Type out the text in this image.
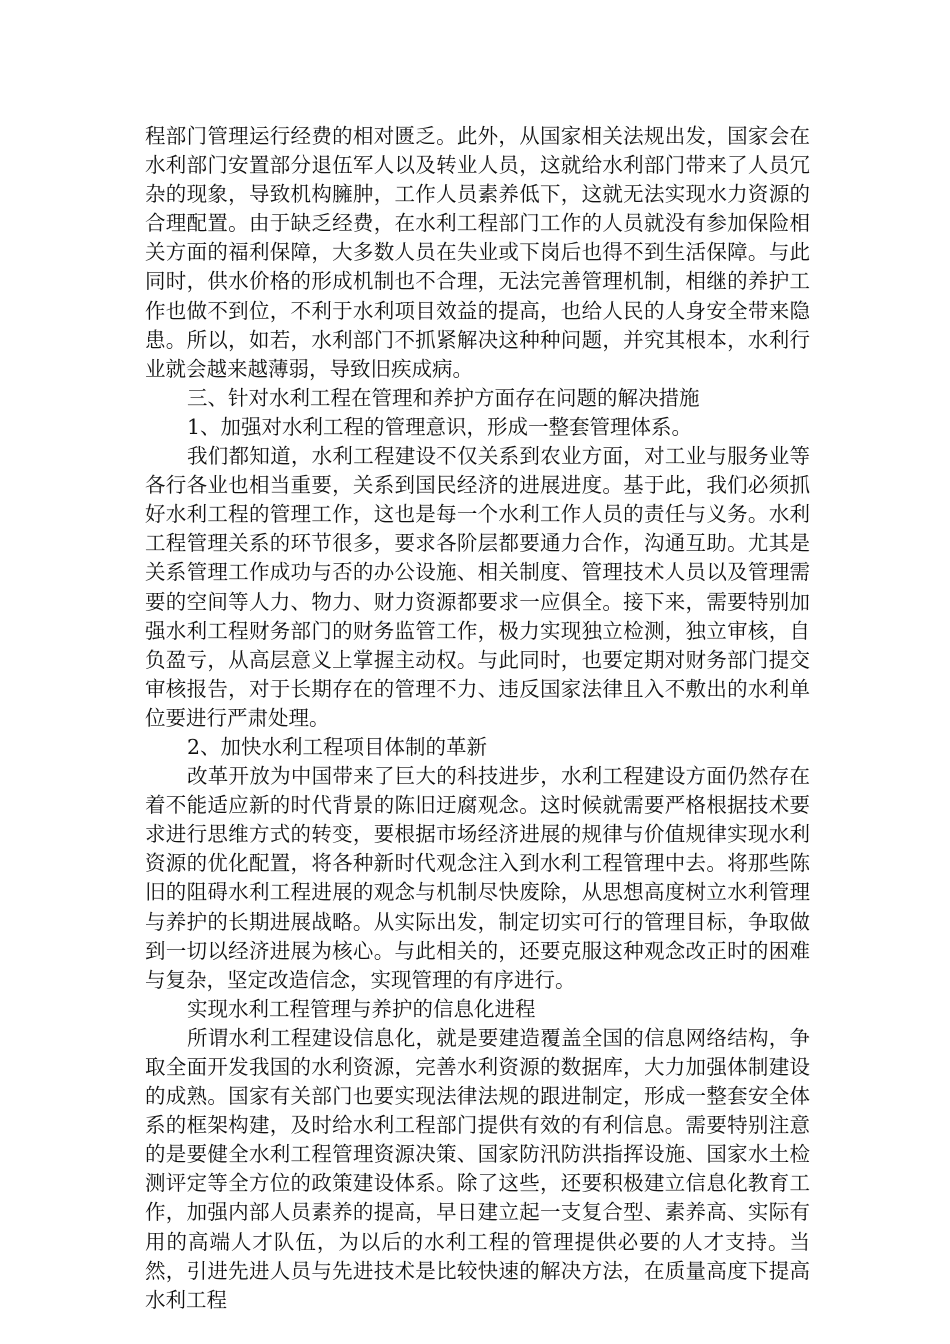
程部门管理运行经费的相对匮乏。此外，从国家相关法规出发，国家会在水利部门安置部分退伍军人以及转业人员，这就给水利部门带来了人员冗杂的现象，导致机构臃肿，工作人员素养低下，这就无法实现水力资源的合理配置。由于缺乏经费，在水利工程部门工作的人员就没有参加保险相关方面的福利保障，大多数人员在失业或下岗后也得不到生活保障。与此同时，供水价格的形成机制也不合理，无法完善管理机制，相继的养护工作也做不到位，不利于水利项目效益的提高，也给人民的人身安全带来隐患。所以，如若，水利部门不抓紧解决这种种问题，并究其根本，水利行业就会越来越薄弱，导致旧疾成病。

三、针对水利工程在管理和养护方面存在问题的解决措施

1、加强对水利工程的管理意识，形成一整套管理体系。

我们都知道，水利工程建设不仅关系到农业方面，对工业与服务业等各行各业也相当重要，关系到国民经济的进展进度。基于此，我们必须抓好水利工程的管理工作，这也是每一个水利工作人员的责任与义务。水利工程管理关系的环节很多，要求各阶层都要通力合作，沟通互助。尤其是关系管理工作成功与否的办公设施、相关制度、管理技术人员以及管理需要的空间等人力、物力、财力资源都要求一应俱全。接下来，需要特别加强水利工程财务部门的财务监管工作，极力实现独立检测，独立审核，自负盈亏，从高层意义上掌握主动权。与此同时，也要定期对财务部门提交审核报告，对于长期存在的管理不力、违反国家法律且入不敷出的水利单位要进行严肃处理。

2、加快水利工程项目体制的革新

改革开放为中国带来了巨大的科技进步，水利工程建设方面仍然存在着不能适应新的时代背景的陈旧迂腐观念。这时候就需要严格根据技术要求进行思维方式的转变，要根据市场经济进展的规律与价值规律实现水利资源的优化配置，将各种新时代观念注入到水利工程管理中去。将那些陈旧的阻碍水利工程进展的观念与机制尽快废除，从思想高度树立水利管理与养护的长期进展战略。从实际出发，制定切实可行的管理目标，争取做到一切以经济进展为核心。与此相关的，还要克服这种观念改正时的困难与复杂，坚定改造信念，实现管理的有序进行。

实现水利工程管理与养护的信息化进程

所谓水利工程建设信息化，就是要建造覆盖全国的信息网络结构，争取全面开发我国的水利资源，完善水利资源的数据库，大力加强体制建设的成熟。国家有关部门也要实现法律法规的跟进制定，形成一整套安全体系的框架构建，及时给水利工程部门提供有效的有利信息。需要特别注意的是要健全水利工程管理资源决策、国家防汛防洪指挥设施、国家水土检测评定等全方位的政策建设体系。除了这些，还要积极建立信息化教育工作，加强内部人员素养的提高，早日建立起一支复合型、素养高、实际有用的高端人才队伍，为以后的水利工程的管理提供必要的人才支持。当然，引进先进人员与先进技术是比较快速的解决方法，在质量高度下提高水利工程
